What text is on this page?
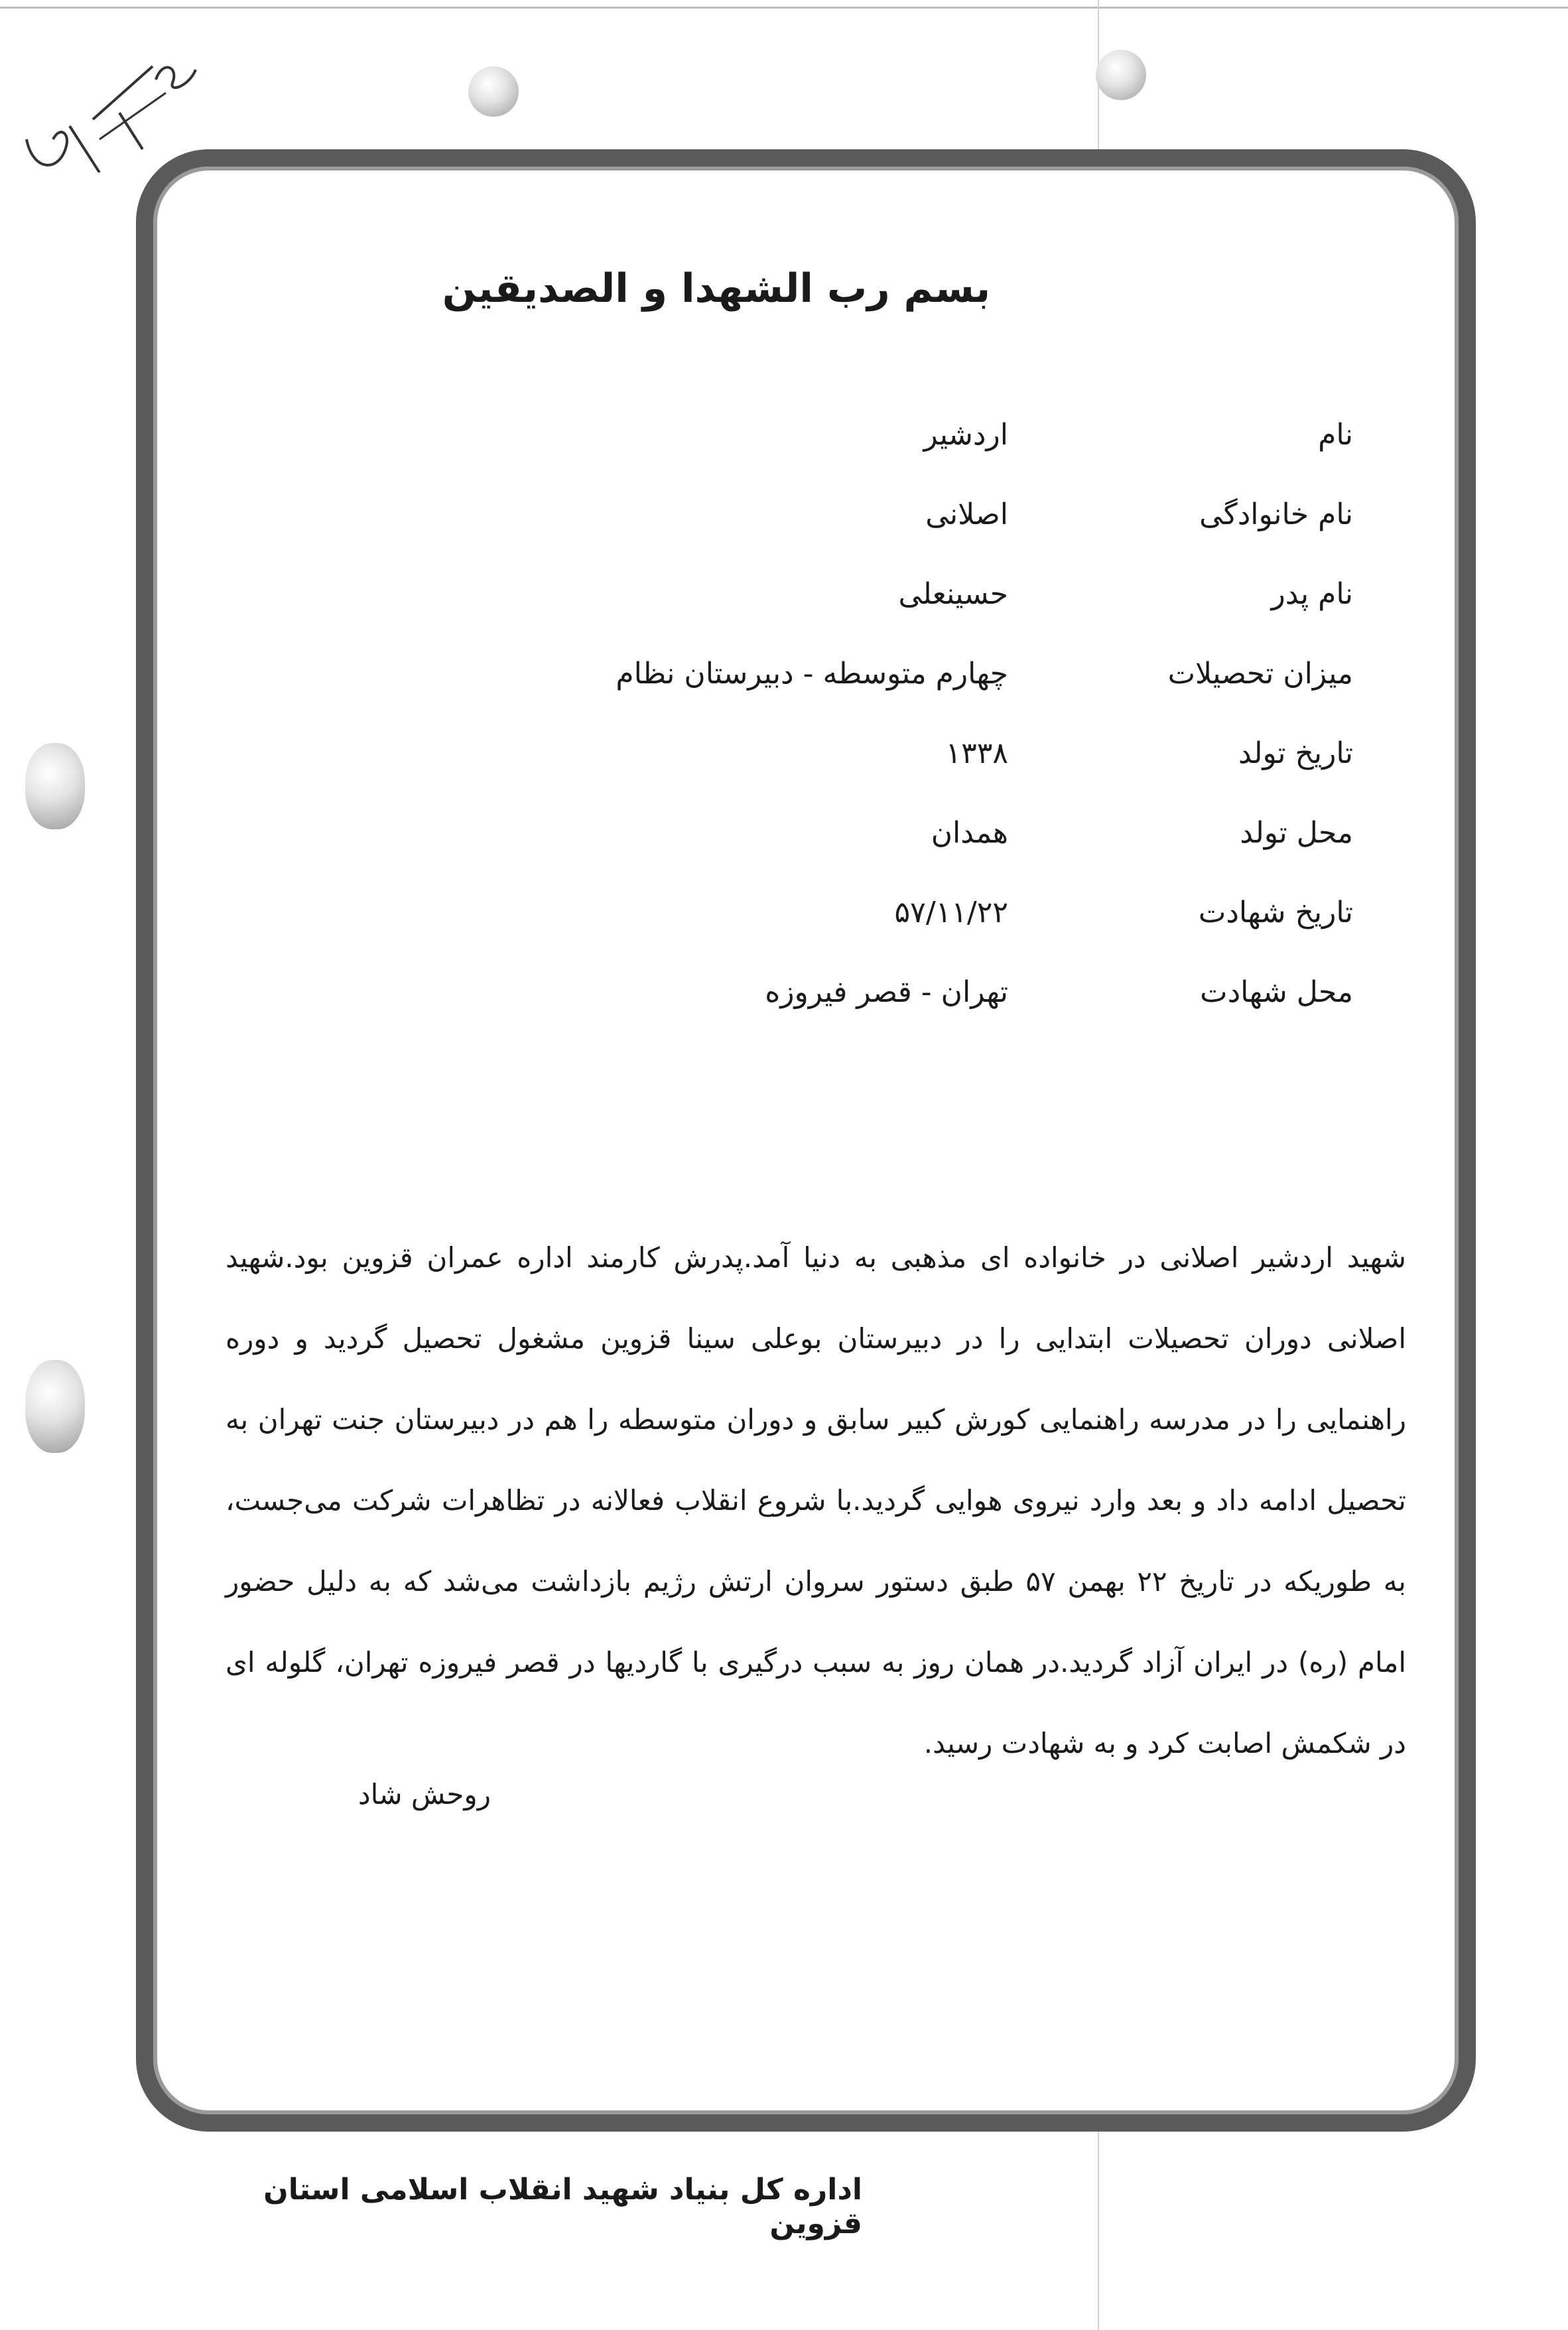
بسم رب الشهدا و الصدیقین
نام
اردشیر
نام خانوادگی
اصلانی
نام پدر
حسینعلی
میزان تحصیلات
چهارم متوسطه - دبیرستان نظام
تاریخ تولد
۱۳۳۸
محل تولد
همدان
تاریخ شهادت
۵۷/۱۱/۲۲
محل شهادت
تهران - قصر فیروزه

شهید اردشیر اصلانی در خانواده ای مذهبی به دنیا آمد.پدرش کارمند اداره عمران قزوین بود.شهید اصلانی دوران تحصیلات ابتدایی را در دبیرستان بوعلی سینا قزوین مشغول تحصیل گردید و دوره راهنمایی را در مدرسه راهنمایی کورش کبیر سابق و دوران متوسطه را هم در دبیرستان جنت تهران به تحصیل ادامه داد و بعد وارد نیروی هوایی گردید.با شروع انقلاب فعالانه در تظاهرات شرکت می‌جست، به طوریکه در تاریخ ۲۲ بهمن ۵۷ طبق دستور سروان ارتش رژیم بازداشت می‌شد که به دلیل حضور امام (ره) در ایران آزاد گردید.در همان روز به سبب درگیری با گاردیها در قصر فیروزه تهران، گلوله ای در شکمش اصابت کرد و به شهادت رسید.

روحش شاد

اداره کل بنیاد شهید انقلاب اسلامی استان قزوین
